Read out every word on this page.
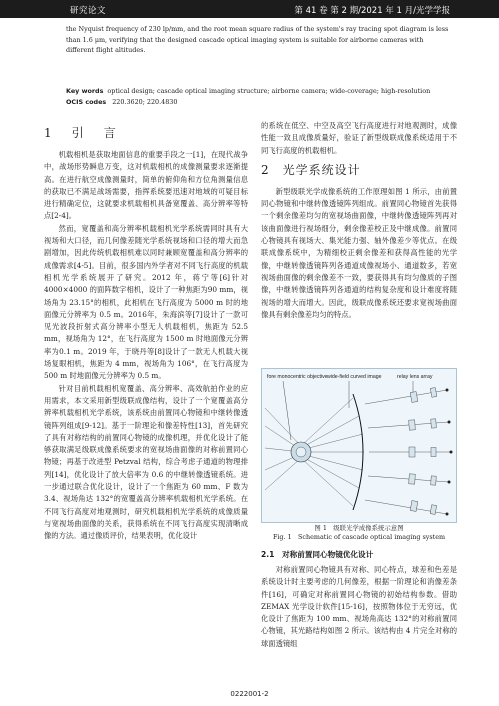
研究论文	第 41 卷 第 2 期/2021 年 1 月/光学学报
the Nyquist frequency of 230 lp/mm, and the root mean square radius of the system's ray tracing spot diagram is less than 1.6 μm, verifying that the designed cascade optical imaging system is suitable for airborne cameras with different flight altitudes.
Key words optical design; cascade optical imaging structure; airborne camera; wide-coverage; high-resolution
OCIS codes 220.3620; 220.4830
1　引　言

机载相机是获取地面信息的重要手段之一[1]，在现代战争中，战场形势瞬息万变，这对机载相机的成像测量要求逐渐提高。在进行航空成像测量时，简单的俯仰角和方位角测量信息的获取已不满足战场需要，指挥系统要迅速对地域的可疑目标进行精确定位，这就要求机载相机具备宽覆盖、高分辨率等特点[2-4]。

然而，宽覆盖和高分辨率机载相机光学系统需同时具有大视场和大口径，而几何像差随光学系统视场和口径的增大而急剧增加，因此传统机载相机难以同时兼顾宽覆盖和高分辨率的成像需求[4-5]。目前，很多国内外学者对不同飞行高度的机载相机光学系统展开了研究。2012 年，蒋宁等[6]针对4000×4000 的面阵数字相机，设计了一种焦距为90 mm，视场角为 23.15°的相机，此相机在飞行高度为 5000 m 时的地面像元分辨率为 0.5 m。2016年，朱海滨等[7]设计了一款可见光波段折射式高分辨率小型无人机载相机，焦距为 52.5 mm，视场角为 12°，在飞行高度为 1500 m 时地面像元分辨率为0.1 m。2019 年，于晓丹等[8]设计了一款无人机载大视场复眼相机，焦距为 4 mm，视场角为 106°，在飞行高度为 500 m 时地面像元分辨率为 0.5 m。

针对目前机载相机宽覆盖、高分辨率、高效航拍作业的应用需求，本文采用新型级联成像结构，设计了一个宽覆盖高分辨率机载相机光学系统，该系统由前置同心物镜和中继转像透镜阵列组成[9-12]。基于一阶理论和像差特性[13]，首先研究了具有对称结构的前置同心物镜的成像机理，并优化设计了能够获取满足级联成像系统要求的宽视场曲面像的对称前置同心物镜；再基于改进型 Petzval 结构，综合考虑子通道的物理排列[14]，优化设计了放大倍率为 0.6 的中继转像透镜系统。进一步通过联合优化设计，设计了一个焦距为 60 mm、F 数为 3.4、视场角达 132°的宽覆盖高分辨率机载相机光学系统。在不同飞行高度对地观测时，研究机载相机光学系统的成像质量与宽视场曲面像的关系，获得系统在不同飞行高度实现清晰成像的方法。通过像质评价，结果表明，优化设计

的系统在低空、中空及高空飞行高度进行对地观测时，成像性能一致且成像质量好，验证了新型级联成像系统适用于不同飞行高度的机载相机。

2　光学系统设计

新型级联光学成像系统的工作原理如图 1 所示，由前置同心物镜和中继转像透镜阵列组成。前置同心物镜首先获得一个剩余像差均匀的宽视场曲面像，中继转像透镜阵列再对该曲面像进行视场细分，剩余像差校正及中继成像。前置同心物镜具有视场大、集光能力强、轴外像差少等优点。在级联成像系统中，为精细校正剩余像差和获得高性能的光学像，中继转像透镜阵列各通道成像视场小、通道数多，若宽视场曲面像的剩余像差不一致，要获得具有均匀像质的子图像，中继转像透镜阵列各通道的结构复杂度和设计难度将随视场的增大而增大。因此，级联成像系统还要求宽视场曲面像具有剩余像差均匀的特点。

fore monocentric objective wide-field curved image	relay lens array
图 1　级联光学成像系统示意图
Fig. 1　Schematic of cascade optical imaging system
2.1　对称前置同心物镜优化设计

对称前置同心物镜具有对称、同心特点，球差和色差是系统设计时主要考虑的几何像差，根据一阶理论和消像差条件[16]，可确定对称前置同心物镜的初始结构参数。借助 ZEMAX 光学设计软件[15-16]，按照物体位于无穷远，优化设计了焦距为 100 mm、视场角高达 132°的对称前置同心物镜，其光路结构如图 2 所示。该结构由 4 片完全对称的球面透镜组

0222001-2
